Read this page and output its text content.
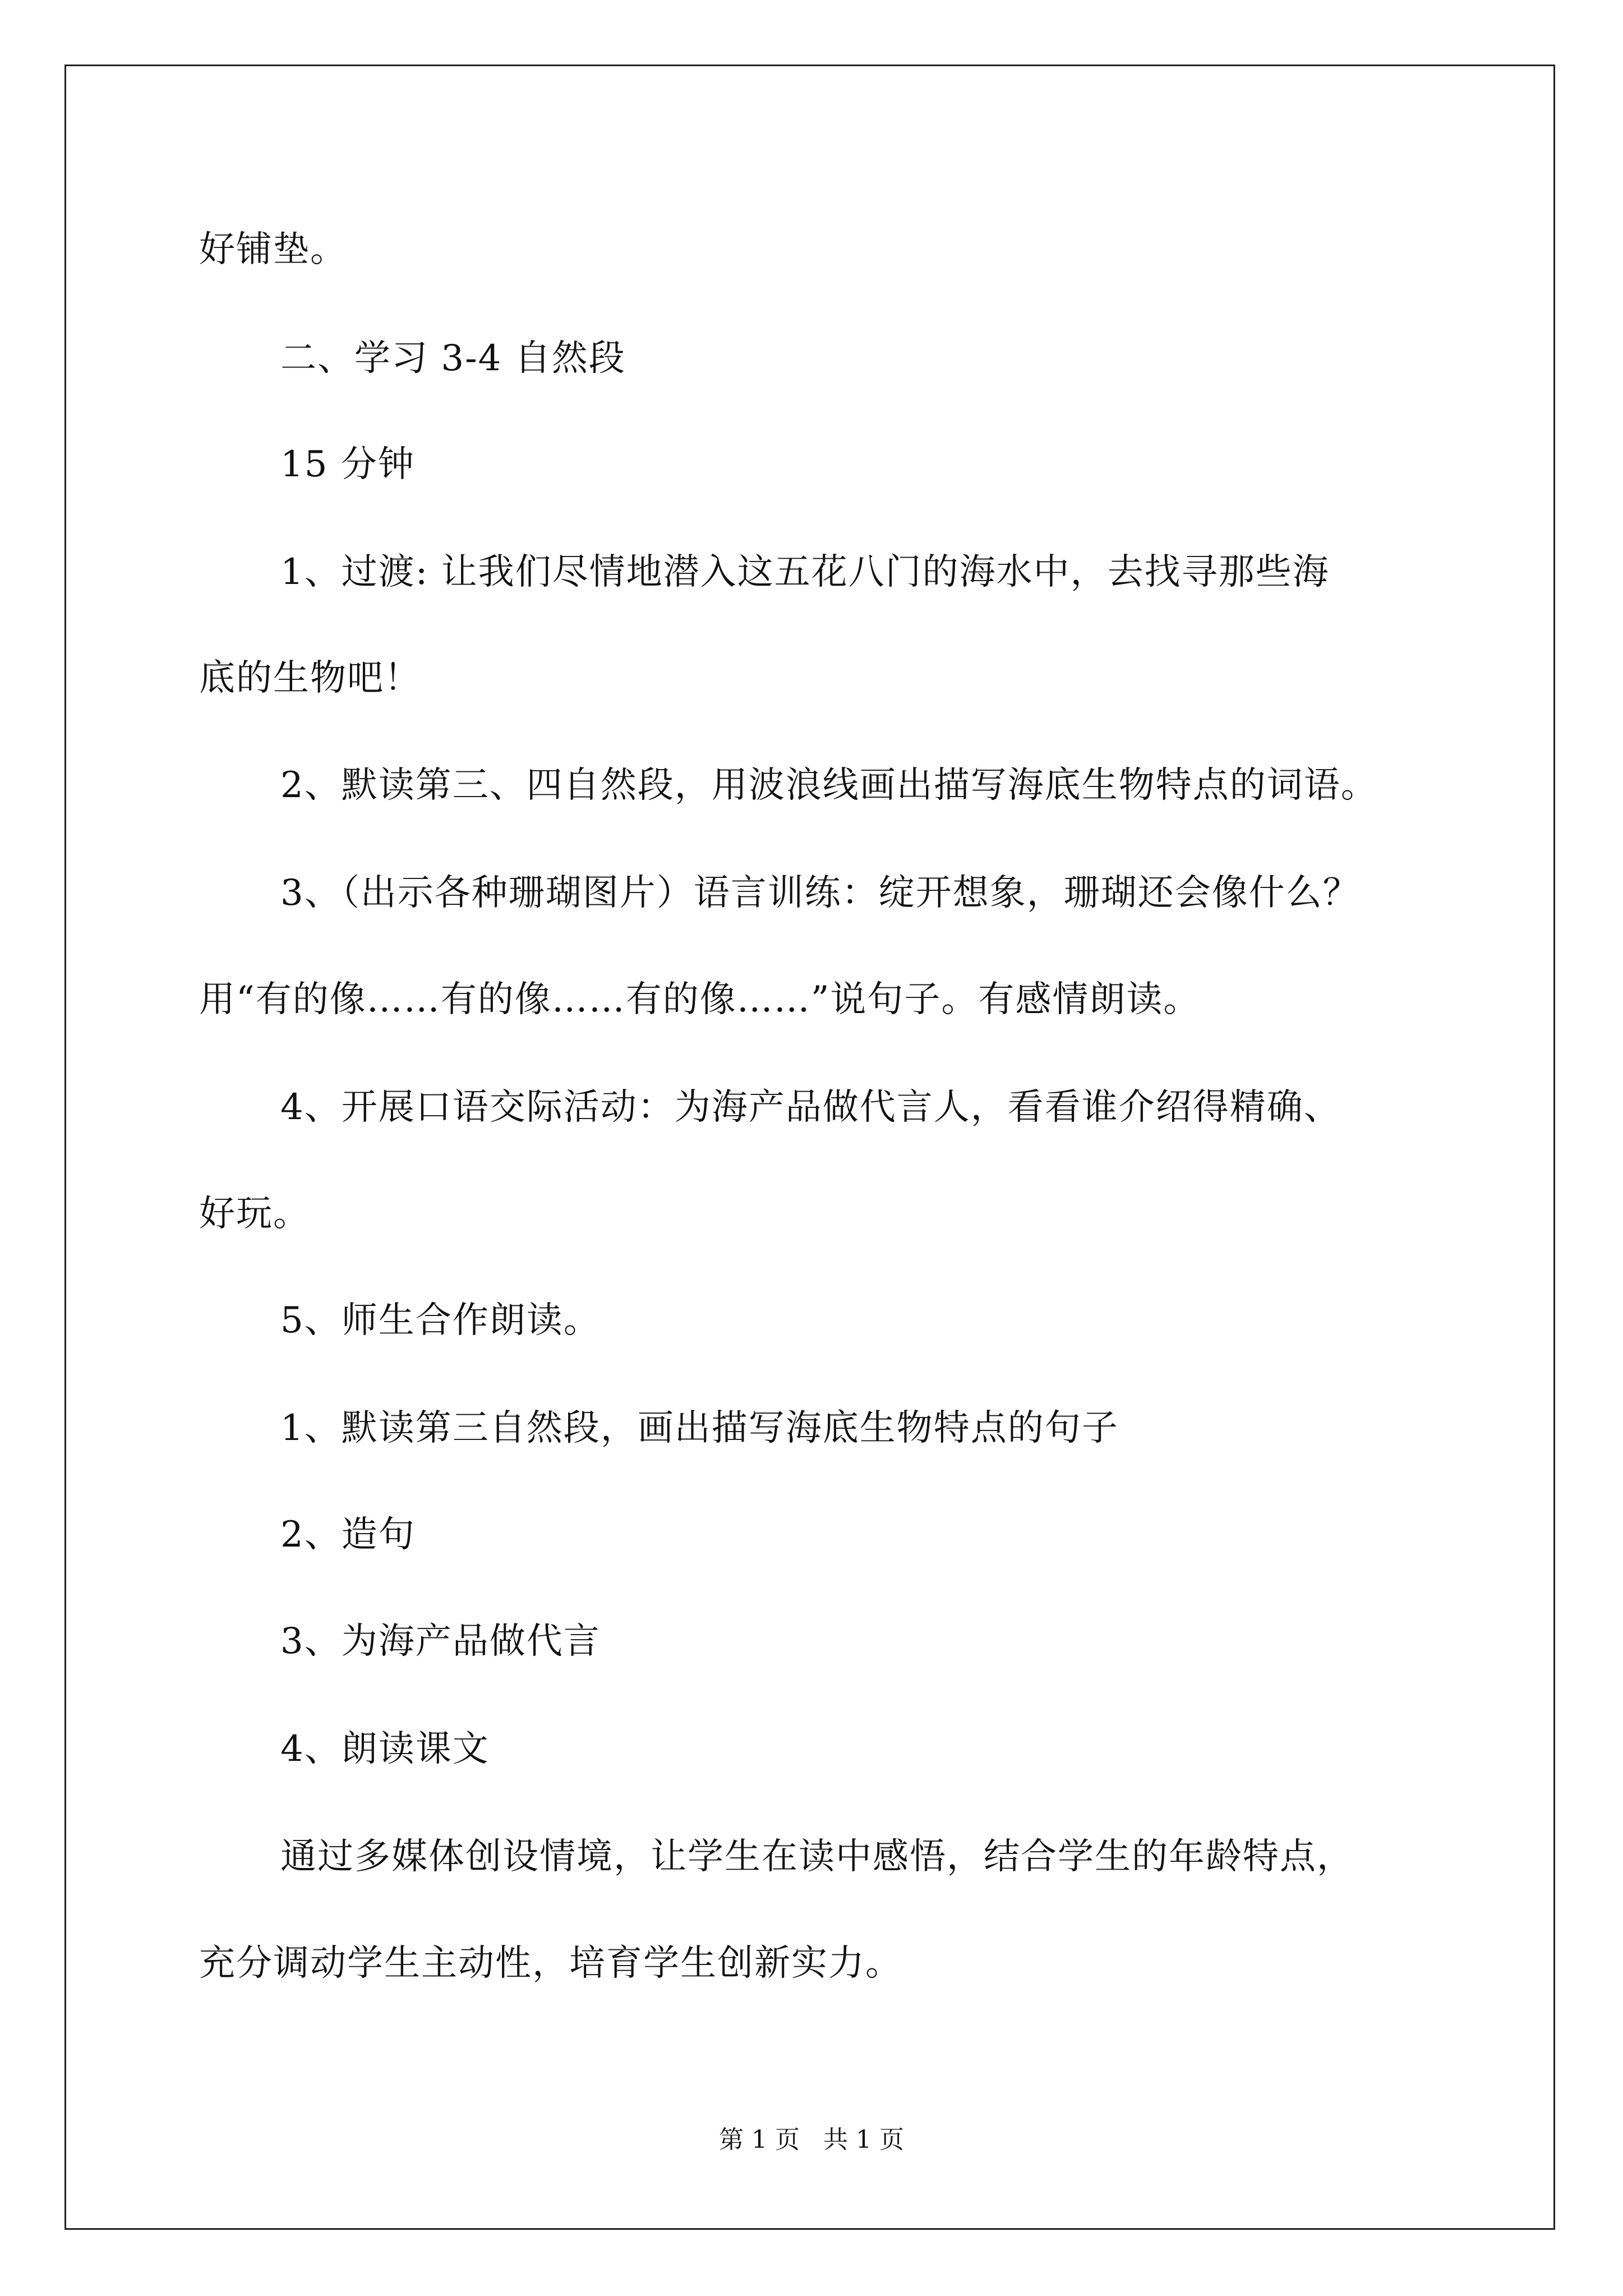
好铺垫。
二、学习 3-4 自然段
15 分钟
1、过渡: 让我们尽情地潜入这五花八门的海水中，去找寻那些海
底的生物吧！
2、默读第三、四自然段，用波浪线画出描写海底生物特点的词语。
3、（出示各种珊瑚图片）语言训练：绽开想象，珊瑚还会像什么？
用“有的像……有的像……有的像……”说句子。有感情朗读。
4、开展口语交际活动：为海产品做代言人，看看谁介绍得精确、
好玩。
5、师生合作朗读。
1、默读第三自然段，画出描写海底生物特点的句子
2、造句
3、为海产品做代言
4、朗读课文
通过多媒体创设情境，让学生在读中感悟，结合学生的年龄特点，
充分调动学生主动性，培育学生创新实力。
第 1 页   共 1 页
